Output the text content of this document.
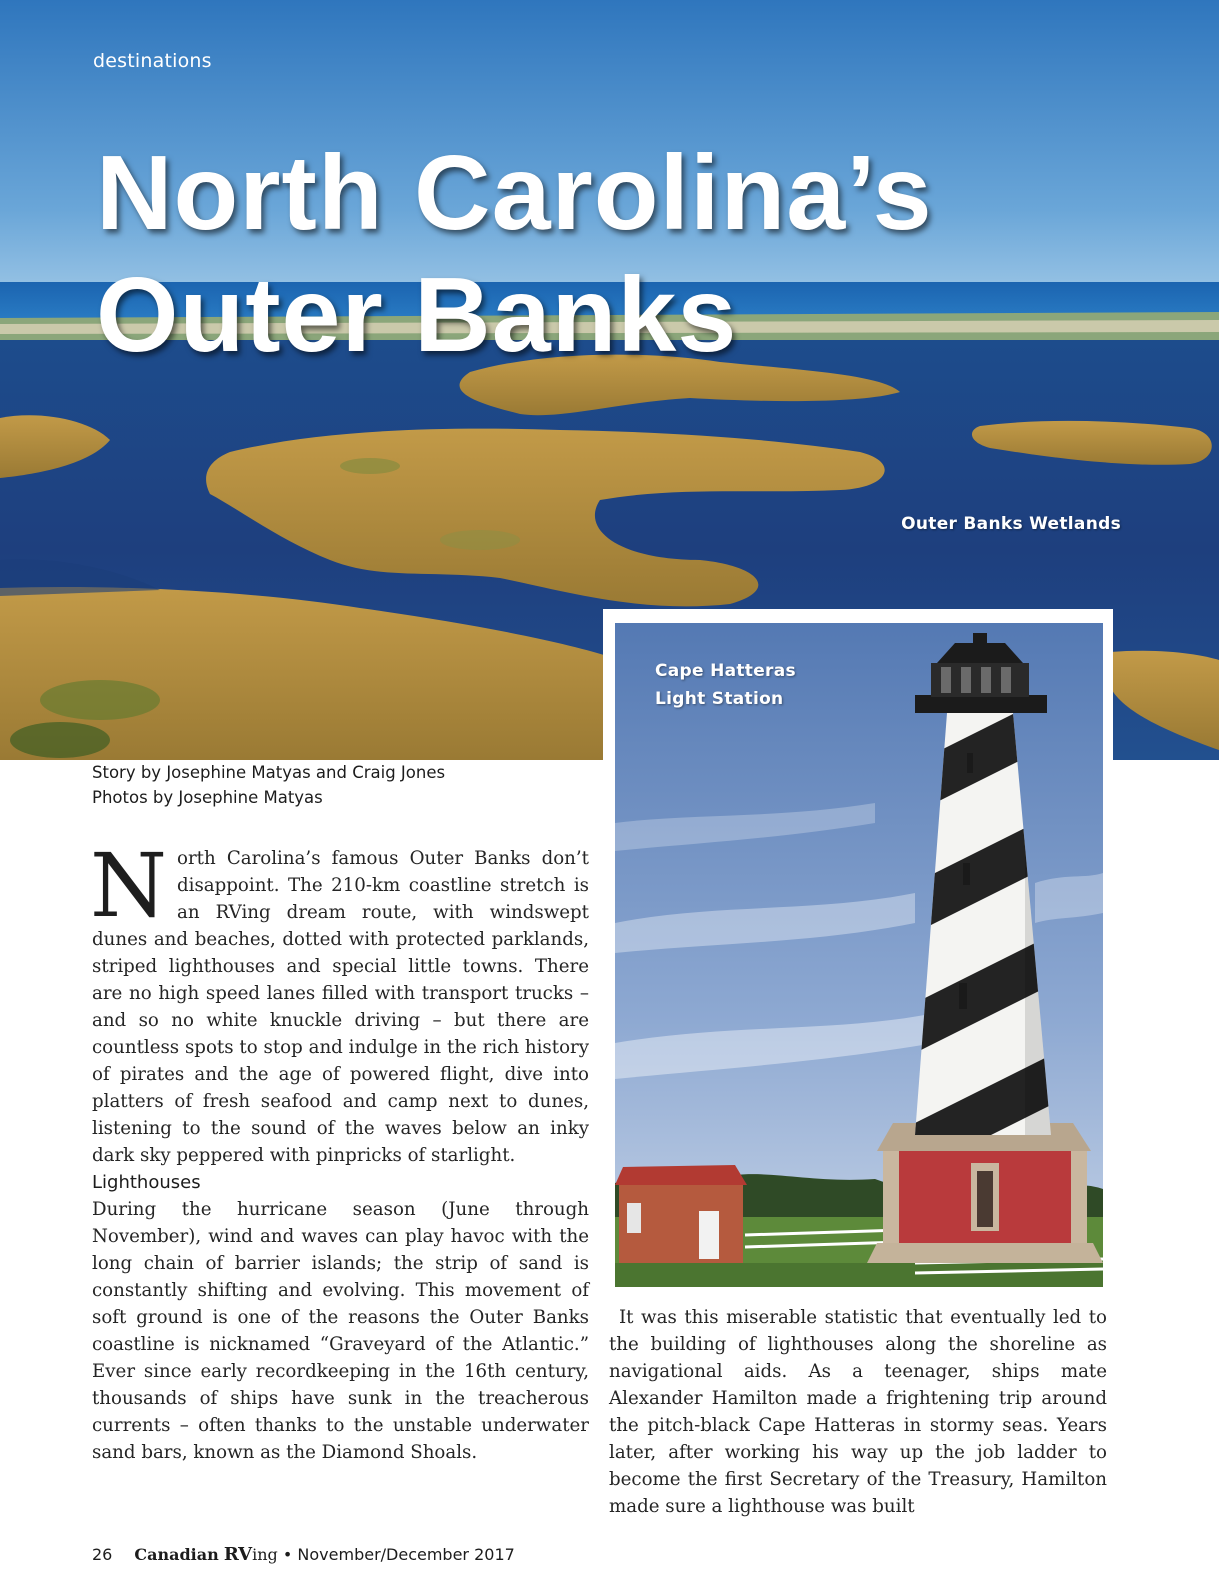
destinations
North Carolina’s
Outer Banks
Outer Banks Wetlands
Cape Hatteras
Light Station
Story by Josephine Matyas and Craig Jones
Photos by Josephine Matyas

North Carolina’s famous Outer Banks don’t disappoint. The 210-km coastline stretch is an RVing dream route, with windswept dunes and beaches, dotted with protected parklands, striped lighthouses and special little towns. There are no high speed lanes filled with transport trucks – and so no white knuckle driving – but there are countless spots to stop and indulge in the rich history of pirates and the age of powered flight, dive into platters of fresh seafood and camp next to dunes, listening to the sound of the waves below an inky dark sky peppered with pinpricks of starlight.

Lighthouses

During the hurricane season (June through November), wind and waves can play havoc with the long chain of barrier islands; the strip of sand is constantly shifting and evolving. This movement of soft ground is one of the reasons the Outer Banks coastline is nicknamed “Graveyard of the Atlantic.” Ever since early recordkeeping in the 16th century, thousands of ships have sunk in the treacherous currents – often thanks to the unstable underwater sand bars, known as the Diamond Shoals.

It was this miserable statistic that eventually led to the building of lighthouses along the shoreline as navigational aids. As a teenager, ships mate Alexander Hamilton made a frightening trip around the pitch-black Cape Hatteras in stormy seas. Years later, after working his way up the job ladder to become the first Secretary of the Treasury, Hamilton made sure a lighthouse was built

26 Canadian RVing • November/December 2017
